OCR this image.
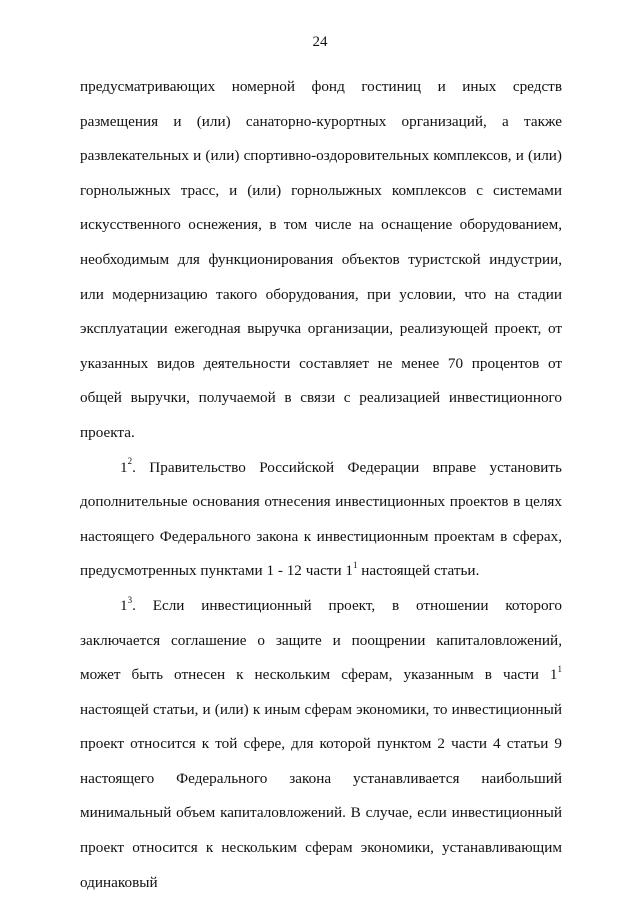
24

предусматривающих номерной фонд гостиниц и иных средств размещения и (или) санаторно-курортных организаций, а также развлекательных и (или) спортивно-оздоровительных комплексов, и (или) горнолыжных трасс, и (или) горнолыжных комплексов с системами искусственного оснежения, в том числе на оснащение оборудованием, необходимым для функционирования объектов туристской индустрии, или модернизацию такого оборудования, при условии, что на стадии эксплуатации ежегодная выручка организации, реализующей проект, от указанных видов деятельности составляет не менее 70 процентов от общей выручки, получаемой в связи с реализацией инвестиционного проекта.

$1^2$. Правительство Российской Федерации вправе установить дополнительные основания отнесения инвестиционных проектов в целях настоящего Федерального закона к инвестиционным проектам в сферах, предусмотренных пунктами 1 - 12 части $1^1$ настоящей статьи.

$1^3$. Если инвестиционный проект, в отношении которого заключается соглашение о защите и поощрении капиталовложений, может быть отнесен к нескольким сферам, указанным в части $1^1$ настоящей статьи, и (или) к иным сферам экономики, то инвестиционный проект относится к той сфере, для которой пунктом 2 части 4 статьи 9 настоящего Федерального закона устанавливается наибольший минимальный объем капиталовложений. В случае, если инвестиционный проект относится к нескольким сферам экономики, устанавливающим одинаковый
